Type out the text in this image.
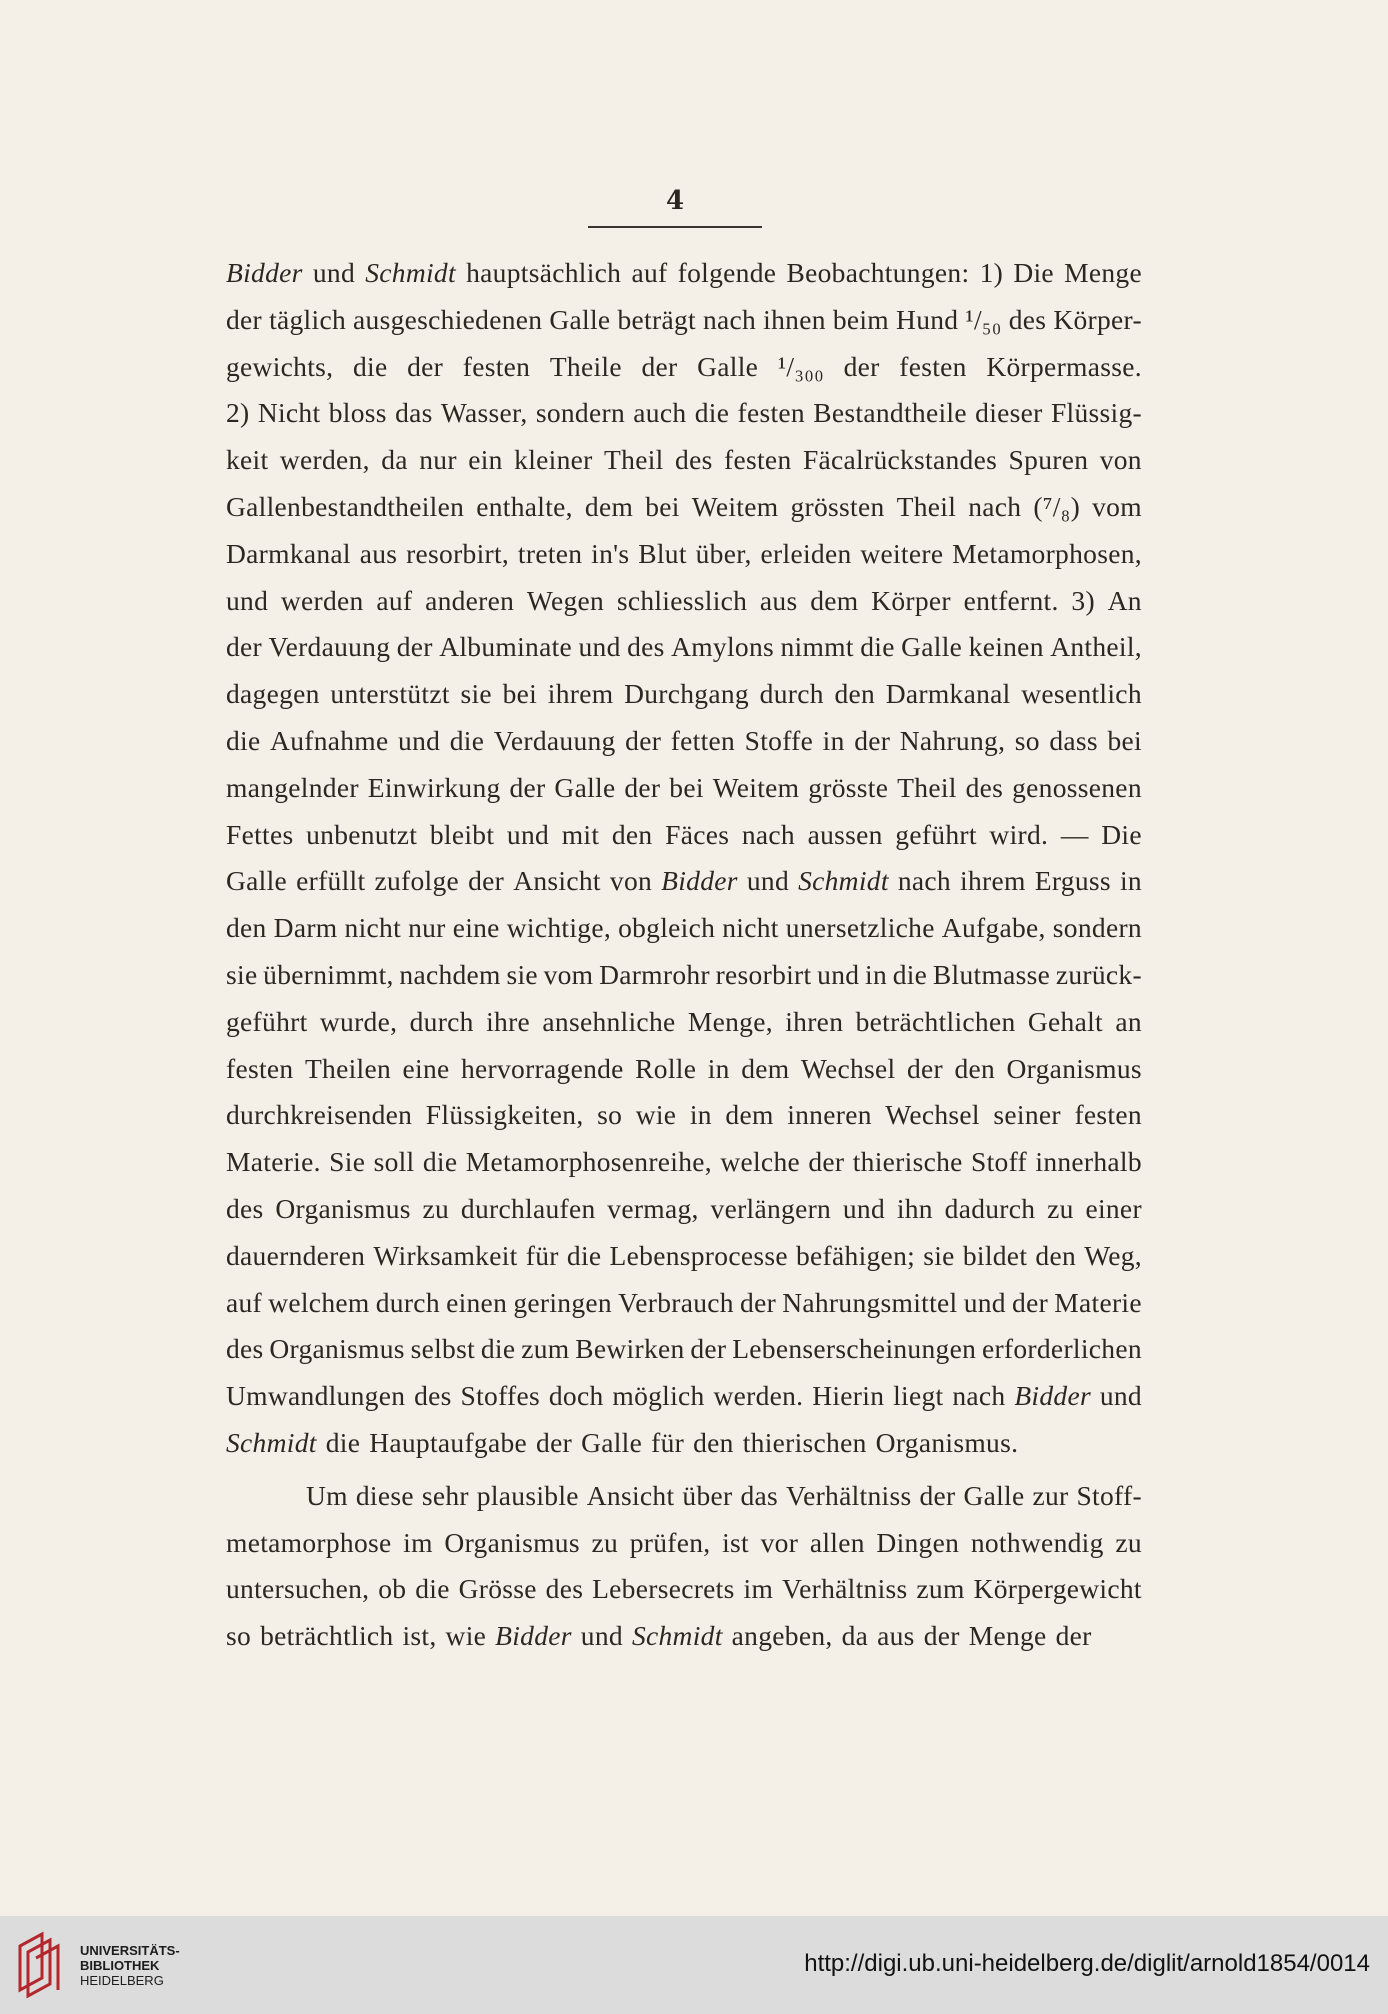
4
Bidder und Schmidt hauptsächlich auf folgende Beobachtungen: 1) Die Menge
der täglich ausgeschiedenen Galle beträgt nach ihnen beim Hund ¹/₅₀ des Körper-
gewichts, die der festen Theile der Galle ¹/₃₀₀ der festen Körpermasse.
2) Nicht bloss das Wasser, sondern auch die festen Bestandtheile dieser Flüssig-
keit werden, da nur ein kleiner Theil des festen Fäcalrückstandes Spuren von
Gallenbestandtheilen enthalte, dem bei Weitem grössten Theil nach (⁷/₈) vom
Darmkanal aus resorbirt, treten in's Blut über, erleiden weitere Metamorphosen,
und werden auf anderen Wegen schliesslich aus dem Körper entfernt. 3) An
der Verdauung der Albuminate und des Amylons nimmt die Galle keinen Antheil,
dagegen unterstützt sie bei ihrem Durchgang durch den Darmkanal wesentlich
die Aufnahme und die Verdauung der fetten Stoffe in der Nahrung, so dass bei
mangelnder Einwirkung der Galle der bei Weitem grösste Theil des genossenen
Fettes unbenutzt bleibt und mit den Fäces nach aussen geführt wird. — Die
Galle erfüllt zufolge der Ansicht von Bidder und Schmidt nach ihrem Erguss in
den Darm nicht nur eine wichtige, obgleich nicht unersetzliche Aufgabe, sondern
sie übernimmt, nachdem sie vom Darmrohr resorbirt und in die Blutmasse zurück-
geführt wurde, durch ihre ansehnliche Menge, ihren beträchtlichen Gehalt an
festen Theilen eine hervorragende Rolle in dem Wechsel der den Organismus
durchkreisenden Flüssigkeiten, so wie in dem inneren Wechsel seiner festen
Materie. Sie soll die Metamorphosenreihe, welche der thierische Stoff innerhalb
des Organismus zu durchlaufen vermag, verlängern und ihn dadurch zu einer
dauernderen Wirksamkeit für die Lebensprocesse befähigen; sie bildet den Weg,
auf welchem durch einen geringen Verbrauch der Nahrungsmittel und der Materie
des Organismus selbst die zum Bewirken der Lebenserscheinungen erforderlichen
Umwandlungen des Stoffes doch möglich werden. Hierin liegt nach Bidder und
Schmidt die Hauptaufgabe der Galle für den thierischen Organismus.
Um diese sehr plausible Ansicht über das Verhältniss der Galle zur Stoff-
metamorphose im Organismus zu prüfen, ist vor allen Dingen nothwendig zu
untersuchen, ob die Grösse des Lebersecrets im Verhältniss zum Körpergewicht
so beträchtlich ist, wie Bidder und Schmidt angeben, da aus der Menge der
UNIVERSITÄTS-
BIBLIOTHEK
HEIDELBERG
http://digi.ub.uni-heidelberg.de/diglit/arnold1854/0014
